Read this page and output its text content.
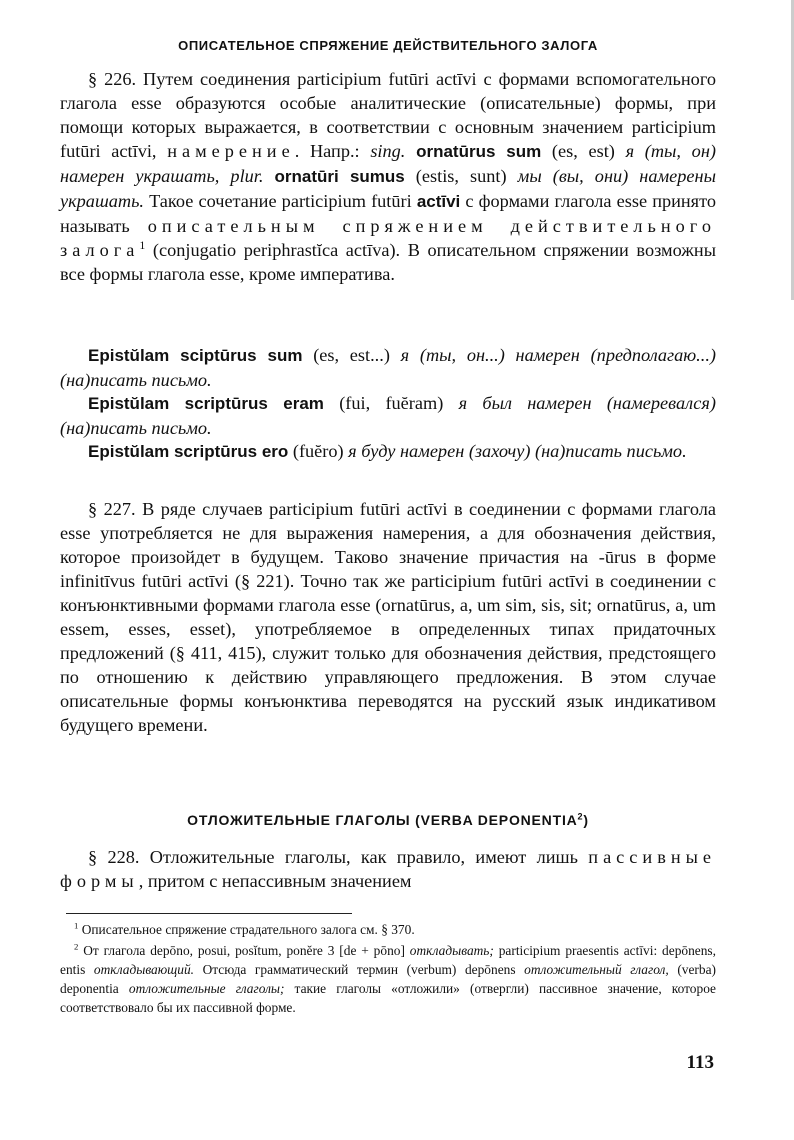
ОПИСАТЕЛЬНОЕ СПРЯЖЕНИЕ ДЕЙСТВИТЕЛЬНОГО ЗАЛОГА

§ 226. Путем соединения participium futūri actīvi с формами вспомогательного глагола esse образуются особые аналитические (описательные) формы, при помощи которых выражается, в соответствии с основным значением participium futūri actīvi, намерение. Напр.: sing. ornatūrus sum (es, est) я (ты, он) намерен украшать, plur. ornatūri sumus (estis, sunt) мы (вы, они) намерены украшать. Такое сочетание participium futūri actīvi с формами глагола esse принято называть описательным спряжением действительного залога$^1$ (conjugatio periphrastĭca actīva). В описательном спряжении возможны все формы глагола esse, кроме императива.

Epistŭlam sciptūrus sum (es, est...) я (ты, он...) намерен (предполагаю...) (на)писать письмо.

Epistŭlam scriptūrus eram (fui, fuĕram) я был намерен (намеревался) (на)писать письмо.

Epistŭlam scriptūrus ero (fuĕro) я буду намерен (захочу) (на)писать письмо.

§ 227. В ряде случаев participium futūri actīvi в соединении с формами глагола esse употребляется не для выражения намерения, а для обозначения действия, которое произойдет в будущем. Таково значение причастия на -ūrus в форме infinitīvus futūri actīvi (§ 221). Точно так же participium futūri actīvi в соединении с конъюнктивными формами глагола esse (ornatūrus, a, um sim, sis, sit; ornatūrus, a, um essem, esses, esset), употребляемое в определенных типах придаточных предложений (§ 411, 415), служит только для обозначения действия, предстоящего по отношению к действию управляющего предложения. В этом случае описательные формы конъюнктива переводятся на русский язык индикативом будущего времени.

ОТЛОЖИТЕЛЬНЫЕ ГЛАГОЛЫ (VERBA DEPONENTIA$^2$)

§ 228. Отложительные глаголы, как правило, имеют лишь пассивные формы, притом с непассивным значением

$^1$ Описательное спряжение страдательного залога см. § 370.

$^2$ От глагола depōno, posui, posĭtum, ponĕre 3 [de + pōno] откладывать; participium praesentis actīvi: depōnens, entis откладывающий. Отсюда грамматический термин (verbum) depōnens отложительный глагол, (verba) deponentia отложительные глаголы; такие глаголы «отложили» (отвергли) пассивное значение, которое соответствовало бы их пассивной форме.

113
